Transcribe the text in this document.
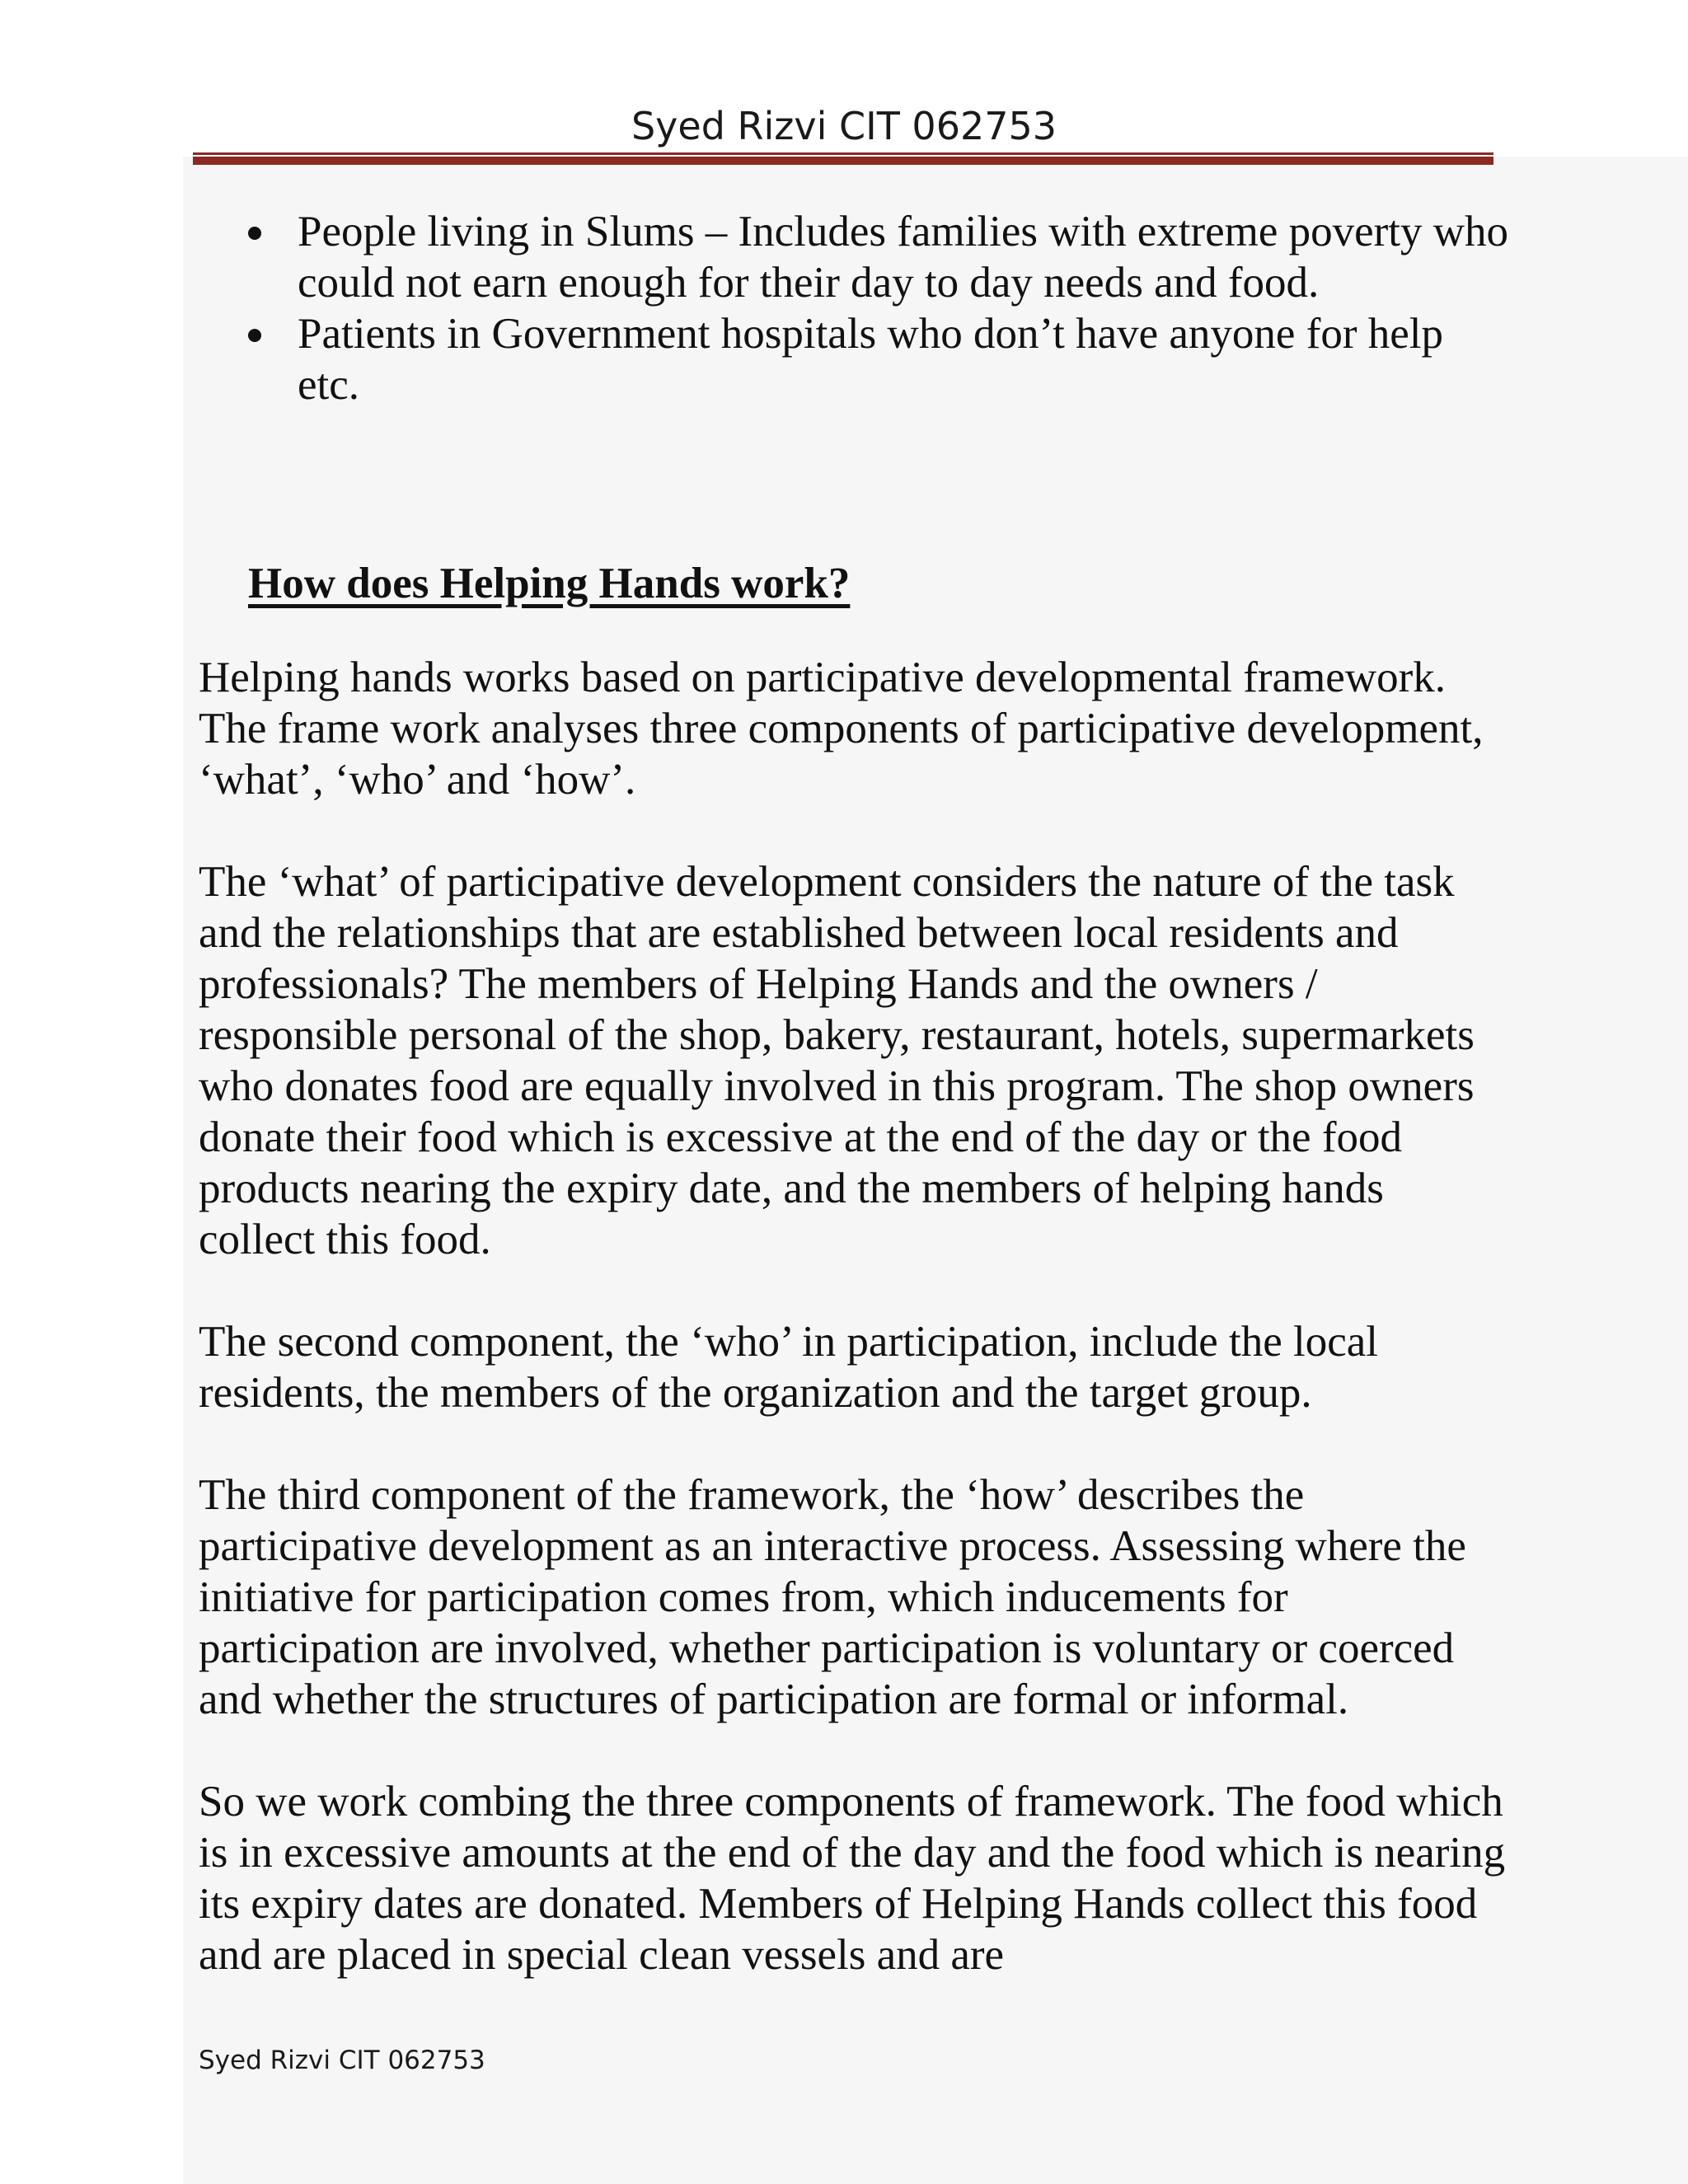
Syed Rizvi CIT 062753
People living in Slums – Includes families with extreme poverty who could not earn enough for their day to day needs and food.
Patients in Government hospitals who don’t have anyone for help etc.
How does Helping Hands work?

Helping hands works based on participative developmental framework. The frame work analyses three components of participative development, ‘what’, ‘who’ and ‘how’.

The ‘what’ of participative development considers the nature of the task and the relationships that are established between local residents and professionals? The members of Helping Hands and the owners / responsible personal of the shop, bakery, restaurant, hotels, supermarkets who donates food are equally involved in this program. The shop owners donate their food which is excessive at the end of the day or the food products nearing the expiry date, and the members of helping hands collect this food.

The second component, the ‘who’ in participation, include the local residents, the members of the organization and the target group.

The third component of the framework, the ‘how’ describes the participative development as an interactive process. Assessing where the initiative for participation comes from, which inducements for participation are involved, whether participation is voluntary or coerced and whether the structures of participation are formal or informal.

So we work combing the three components of framework. The food which is in excessive amounts at the end of the day and the food which is nearing its expiry dates are donated. Members of Helping Hands collect this food and are placed in special clean vessels and are

Syed Rizvi CIT 062753
